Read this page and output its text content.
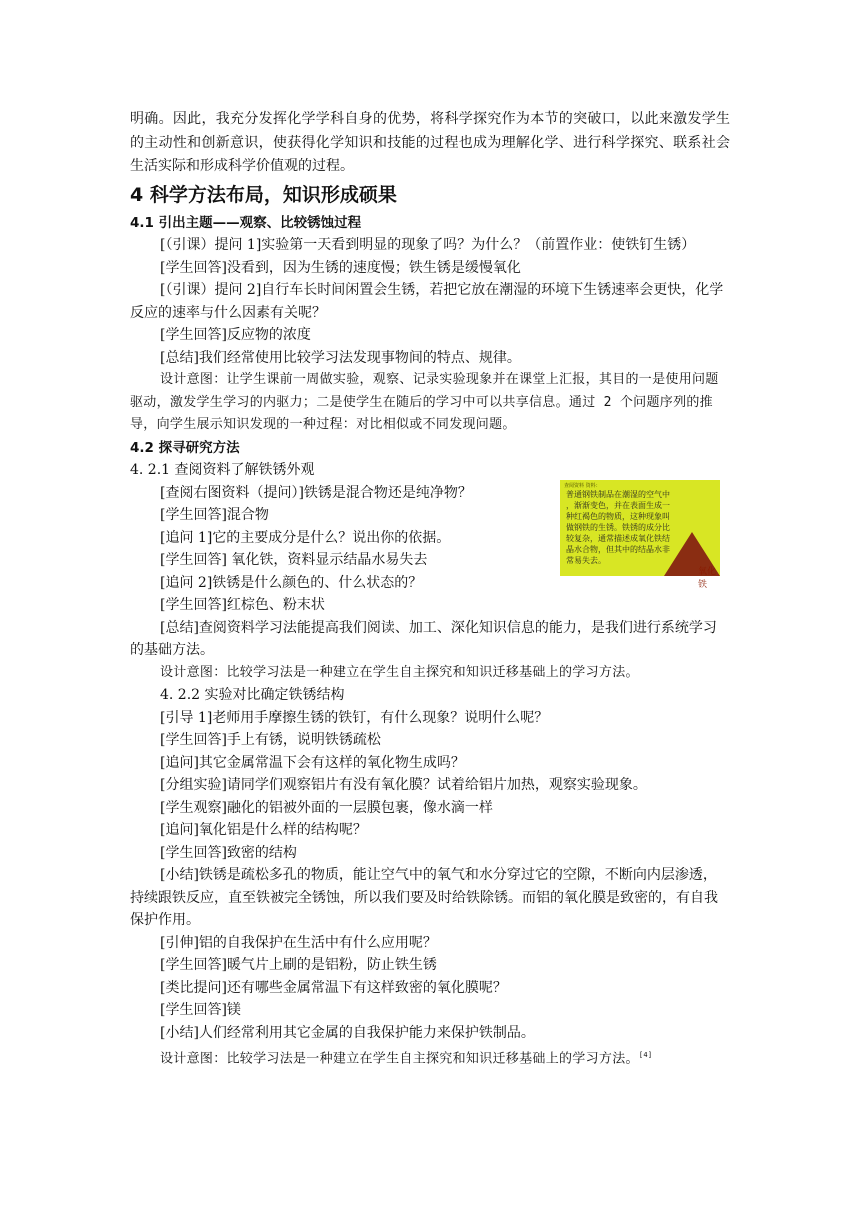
明确。因此，我充分发挥化学学科自身的优势，将科学探究作为本节的突破口，以此来激发学生的主动性和创新意识，使获得化学知识和技能的过程也成为理解化学、进行科学探究、联系社会生活实际和形成科学价值观的过程。

4 科学方法布局，知识形成硕果
4.1 引出主题——观察、比较锈蚀过程

[（引课）提问 1]实验第一天看到明显的现象了吗？为什么？（前置作业：使铁钉生锈）

[学生回答]没看到，因为生锈的速度慢；铁生锈是缓慢氧化

[（引课）提问 2]自行车长时间闲置会生锈，若把它放在潮湿的环境下生锈速率会更快，化学反应的速率与什么因素有关呢？

[学生回答]反应物的浓度

[总结]我们经常使用比较学习法发现事物间的特点、规律。

设计意图：让学生课前一周做实验，观察、记录实验现象并在课堂上汇报，其目的一是使用问题驱动，激发学生学习的内驱力；二是使学生在随后的学习中可以共享信息。通过 2 个问题序列的推导，向学生展示知识发现的一种过程：对比相似或不同发现问题。

4.2 探寻研究方法

4. 2.1 查阅资料了解铁锈外观

[查阅右图资料（提问）]铁锈是混合物还是纯净物？

[学生回答]混合物

[追问 1]它的主要成分是什么？说出你的依据。

[学生回答] 氧化铁，资料显示结晶水易失去

[追问 2]铁锈是什么颜色的、什么状态的？

[学生回答]红棕色、粉末状

[总结]查阅资料学习法能提高我们阅读、加工、深化知识信息的能力，是我们进行系统学习的基础方法。

设计意图：比较学习法是一种建立在学生自主探究和知识迁移基础上的学习方法。

4. 2.2 实验对比确定铁锈结构

[引导 1]老师用手摩擦生锈的铁钉，有什么现象？说明什么呢？

[学生回答]手上有锈，说明铁锈疏松

[追问]其它金属常温下会有这样的氧化物生成吗？

[分组实验]请同学们观察铝片有没有氧化膜？试着给铝片加热，观察实验现象。

[学生观察]融化的铝被外面的一层膜包裹，像水滴一样

[追问]氧化铝是什么样的结构呢？

[学生回答]致密的结构

[小结]铁锈是疏松多孔的物质，能让空气中的氧气和水分穿过它的空隙，不断向内层渗透，持续跟铁反应，直至铁被完全锈蚀，所以我们要及时给铁除锈。而铝的氧化膜是致密的，有自我保护作用。

[引伸]铝的自我保护在生活中有什么应用呢？

[学生回答]暖气片上刷的是铝粉，防止铁生锈

[类比提问]还有哪些金属常温下有这样致密的氧化膜呢？

[学生回答]镁

[小结]人们经常利用其它金属的自我保护能力来保护铁制品。

设计意图：比较学习法是一种建立在学生自主探究和知识迁移基础上的学习方法。[4]

查阅资料 资料：
普通钢铁制品在潮湿的空气中
，渐渐变色，并在表面生成一
种红褐色的物质，这种现象叫
做钢铁的生锈。铁锈的成分比
较复杂，通常描述成氧化铁结
晶水合物，但其中的结晶水非
常易失去。
氧化铁
